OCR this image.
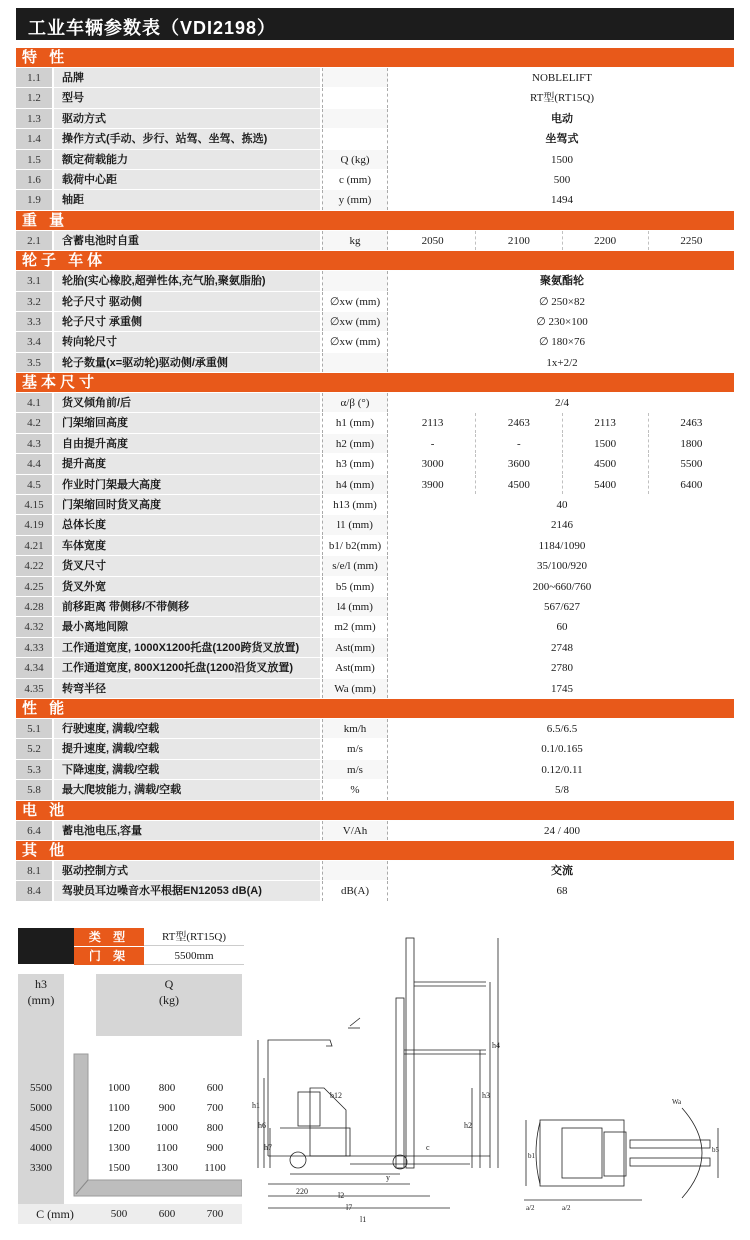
工业车辆参数表（VDI2198）
特 性
1.1	品牌	NOBLELIFT
1.2	型号	RT型(RT15Q)
1.3	驱动方式	电动
1.4	操作方式(手动、步行、站驾、坐驾、拣选)	坐驾式
1.5	额定荷载能力	Q (kg)	1500
1.6	载荷中心距	c (mm)	500
1.9	轴距	y (mm)	1494
重 量
2.1	含蓄电池时自重	kg	2050	2100	2200	2250
轮子 车体
3.1	轮胎(实心橡胶,超弹性体,充气胎,聚氨脂胎)	聚氨酯轮
3.2	轮子尺寸 驱动侧	∅xw (mm)	∅ 250×82
3.3	轮子尺寸 承重侧	∅xw (mm)	∅ 230×100
3.4	转向轮尺寸	∅xw (mm)	∅ 180×76
3.5	轮子数量(x=驱动轮)驱动侧/承重侧	1x+2/2
基本尺寸
4.1	货叉倾角前/后	α/β (°)	2/4
4.2	门架缩回高度	h1 (mm)	2113	2463	2113	2463
4.3	自由提升高度	h2 (mm)	-	-	1500	1800
4.4	提升高度	h3 (mm)	3000	3600	4500	5500
4.5	作业时门架最大高度	h4 (mm)	3900	4500	5400	6400
4.15	门架缩回时货叉高度	h13 (mm)	40
4.19	总体长度	l1 (mm)	2146
4.21	车体宽度	b1/ b2(mm)	1184/1090
4.22	货叉尺寸	s/e/l (mm)	35/100/920
4.25	货叉外宽	b5 (mm)	200~660/760
4.28	前移距离 带侧移/不带侧移	l4 (mm)	567/627
4.32	最小离地间隙	m2 (mm)	60
4.33	工作通道宽度, 1000X1200托盘(1200跨货叉放置)	Ast(mm)	2748
4.34	工作通道宽度, 800X1200托盘(1200沿货叉放置)	Ast(mm)	2780
4.35	转弯半径	Wa (mm)	1745
性 能
5.1	行驶速度, 满载/空载	km/h	6.5/6.5
5.2	提升速度, 满载/空载	m/s	0.1/0.165
5.3	下降速度, 满载/空载	m/s	0.12/0.11
5.8	最大爬坡能力, 满载/空载	%	5/8
电 池
6.4	蓄电池电压,容量	V/Ah	24 / 400
其 他
8.1	驱动控制方式	交流
8.4	驾驶员耳边噪音水平根据EN12053 dB(A)	dB(A)	68
类 型	RT型(RT15Q)
门 架	5500mm
h3
(mm)
Q
(kg)
5500	1000	800	600
5000	1100	900	700
4500	1200	1000	800
4000	1300	1100	900
3300	1500	1300	1100
C (mm)	500	600	700
h1
h6
h7
h3
h2
h4
l2
l7
l1
220
c
y
b12
b1
b5
a/2	a/2
Wa
